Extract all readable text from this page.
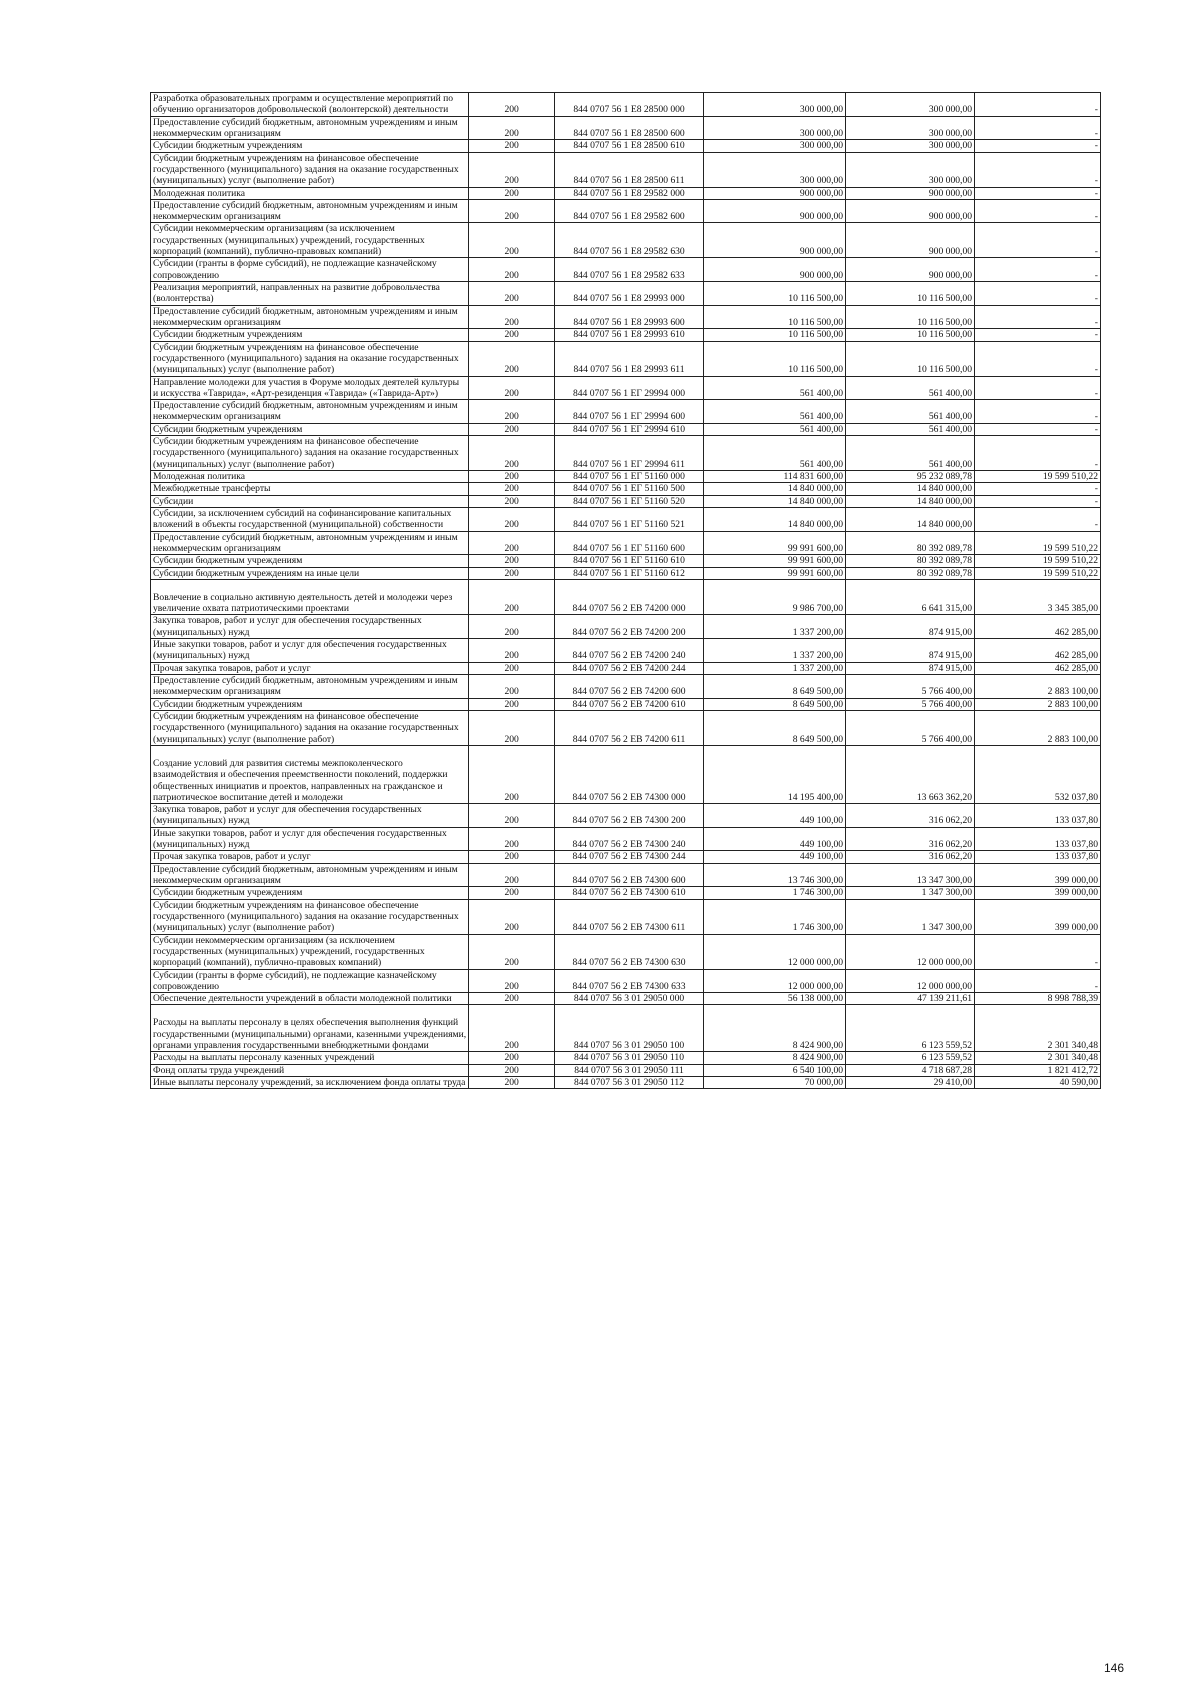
Разработка образовательных программ и осуществление мероприятий по обучению организаторов добровольческой (волонтерской) деятельности	200	844 0707 56 1 E8 28500 000	300 000,00	300 000,00	-
Предоставление субсидий бюджетным, автономным учреждениям и иным некоммерческим организациям	200	844 0707 56 1 E8 28500 600	300 000,00	300 000,00	-
Субсидии бюджетным учреждениям	200	844 0707 56 1 E8 28500 610	300 000,00	300 000,00	-
Субсидии бюджетным учреждениям на финансовое обеспечение государственного (муниципального) задания на оказание государственных (муниципальных) услуг (выполнение работ)	200	844 0707 56 1 E8 28500 611	300 000,00	300 000,00	-
Молодежная политика	200	844 0707 56 1 E8 29582 000	900 000,00	900 000,00	-
Предоставление субсидий бюджетным, автономным учреждениям и иным некоммерческим организациям	200	844 0707 56 1 E8 29582 600	900 000,00	900 000,00	-
Субсидии некоммерческим организациям (за исключением государственных (муниципальных) учреждений, государственных корпораций (компаний), публично-правовых компаний)	200	844 0707 56 1 E8 29582 630	900 000,00	900 000,00	-
Субсидии (гранты в форме субсидий), не подлежащие казначейскому сопровождению	200	844 0707 56 1 E8 29582 633	900 000,00	900 000,00	-
Реализация мероприятий, направленных на развитие добровольчества (волонтерства)	200	844 0707 56 1 E8 29993 000	10 116 500,00	10 116 500,00	-
Предоставление субсидий бюджетным, автономным учреждениям и иным некоммерческим организациям	200	844 0707 56 1 E8 29993 600	10 116 500,00	10 116 500,00	-
Субсидии бюджетным учреждениям	200	844 0707 56 1 E8 29993 610	10 116 500,00	10 116 500,00	-
Субсидии бюджетным учреждениям на финансовое обеспечение государственного (муниципального) задания на оказание государственных (муниципальных) услуг (выполнение работ)	200	844 0707 56 1 E8 29993 611	10 116 500,00	10 116 500,00	-
Направление молодежи для участия в Форуме молодых деятелей культуры и искусства «Таврида», «Арт-резиденция «Таврида» («Таврида-Арт»)	200	844 0707 56 1 ЕГ 29994 000	561 400,00	561 400,00	-
Предоставление субсидий бюджетным, автономным учреждениям и иным некоммерческим организациям	200	844 0707 56 1 ЕГ 29994 600	561 400,00	561 400,00	-
Субсидии бюджетным учреждениям	200	844 0707 56 1 ЕГ 29994 610	561 400,00	561 400,00	-
Субсидии бюджетным учреждениям на финансовое обеспечение государственного (муниципального) задания на оказание государственных (муниципальных) услуг (выполнение работ)	200	844 0707 56 1 ЕГ 29994 611	561 400,00	561 400,00	-
Молодежная политика	200	844 0707 56 1 ЕГ 51160 000	114 831 600,00	95 232 089,78	19 599 510,22
Межбюджетные трансферты	200	844 0707 56 1 ЕГ 51160 500	14 840 000,00	14 840 000,00	-
Субсидии	200	844 0707 56 1 ЕГ 51160 520	14 840 000,00	14 840 000,00	-
Субсидии, за исключением субсидий на софинансирование капитальных вложений в объекты государственной (муниципальной) собственности	200	844 0707 56 1 ЕГ 51160 521	14 840 000,00	14 840 000,00	-
Предоставление субсидий бюджетным, автономным учреждениям и иным некоммерческим организациям	200	844 0707 56 1 ЕГ 51160 600	99 991 600,00	80 392 089,78	19 599 510,22
Субсидии бюджетным учреждениям	200	844 0707 56 1 ЕГ 51160 610	99 991 600,00	80 392 089,78	19 599 510,22
Субсидии бюджетным учреждениям на иные цели	200	844 0707 56 1 ЕГ 51160 612	99 991 600,00	80 392 089,78	19 599 510,22
Вовлечение в социально активную деятельность детей и молодежи через увеличение охвата патриотическими проектами	200	844 0707 56 2 EB 74200 000	9 986 700,00	6 641 315,00	3 345 385,00
Закупка товаров, работ и услуг для обеспечения государственных (муниципальных) нужд	200	844 0707 56 2 EB 74200 200	1 337 200,00	874 915,00	462 285,00
Иные закупки товаров, работ и услуг для обеспечения государственных (муниципальных) нужд	200	844 0707 56 2 EB 74200 240	1 337 200,00	874 915,00	462 285,00
Прочая закупка товаров, работ и услуг	200	844 0707 56 2 EB 74200 244	1 337 200,00	874 915,00	462 285,00
Предоставление субсидий бюджетным, автономным учреждениям и иным некоммерческим организациям	200	844 0707 56 2 EB 74200 600	8 649 500,00	5 766 400,00	2 883 100,00
Субсидии бюджетным учреждениям	200	844 0707 56 2 EB 74200 610	8 649 500,00	5 766 400,00	2 883 100,00
Субсидии бюджетным учреждениям на финансовое обеспечение государственного (муниципального) задания на оказание государственных (муниципальных) услуг (выполнение работ)	200	844 0707 56 2 EB 74200 611	8 649 500,00	5 766 400,00	2 883 100,00
Создание условий для развития системы межпоколенческого взаимодействия и обеспечения преемственности поколений, поддержки общественных инициатив и проектов, направленных на гражданское и патриотическое воспитание детей и молодежи	200	844 0707 56 2 EB 74300 000	14 195 400,00	13 663 362,20	532 037,80
Закупка товаров, работ и услуг для обеспечения государственных (муниципальных) нужд	200	844 0707 56 2 EB 74300 200	449 100,00	316 062,20	133 037,80
Иные закупки товаров, работ и услуг для обеспечения государственных (муниципальных) нужд	200	844 0707 56 2 EB 74300 240	449 100,00	316 062,20	133 037,80
Прочая закупка товаров, работ и услуг	200	844 0707 56 2 EB 74300 244	449 100,00	316 062,20	133 037,80
Предоставление субсидий бюджетным, автономным учреждениям и иным некоммерческим организациям	200	844 0707 56 2 EB 74300 600	13 746 300,00	13 347 300,00	399 000,00
Субсидии бюджетным учреждениям	200	844 0707 56 2 EB 74300 610	1 746 300,00	1 347 300,00	399 000,00
Субсидии бюджетным учреждениям на финансовое обеспечение государственного (муниципального) задания на оказание государственных (муниципальных) услуг (выполнение работ)	200	844 0707 56 2 EB 74300 611	1 746 300,00	1 347 300,00	399 000,00
Субсидии некоммерческим организациям (за исключением государственных (муниципальных) учреждений, государственных корпораций (компаний), публично-правовых компаний)	200	844 0707 56 2 EB 74300 630	12 000 000,00	12 000 000,00	-
Субсидии (гранты в форме субсидий), не подлежащие казначейскому сопровождению	200	844 0707 56 2 EB 74300 633	12 000 000,00	12 000 000,00	-
Обеспечение деятельности учреждений в области молодежной политики	200	844 0707 56 3 01 29050 000	56 138 000,00	47 139 211,61	8 998 788,39
Расходы на выплаты персоналу в целях обеспечения выполнения функций государственными (муниципальными) органами, казенными учреждениями, органами управления государственными внебюджетными фондами	200	844 0707 56 3 01 29050 100	8 424 900,00	6 123 559,52	2 301 340,48
Расходы на выплаты персоналу казенных учреждений	200	844 0707 56 3 01 29050 110	8 424 900,00	6 123 559,52	2 301 340,48
Фонд оплаты труда учреждений	200	844 0707 56 3 01 29050 111	6 540 100,00	4 718 687,28	1 821 412,72
Иные выплаты персоналу учреждений, за исключением фонда оплаты труда	200	844 0707 56 3 01 29050 112	70 000,00	29 410,00	40 590,00
146
